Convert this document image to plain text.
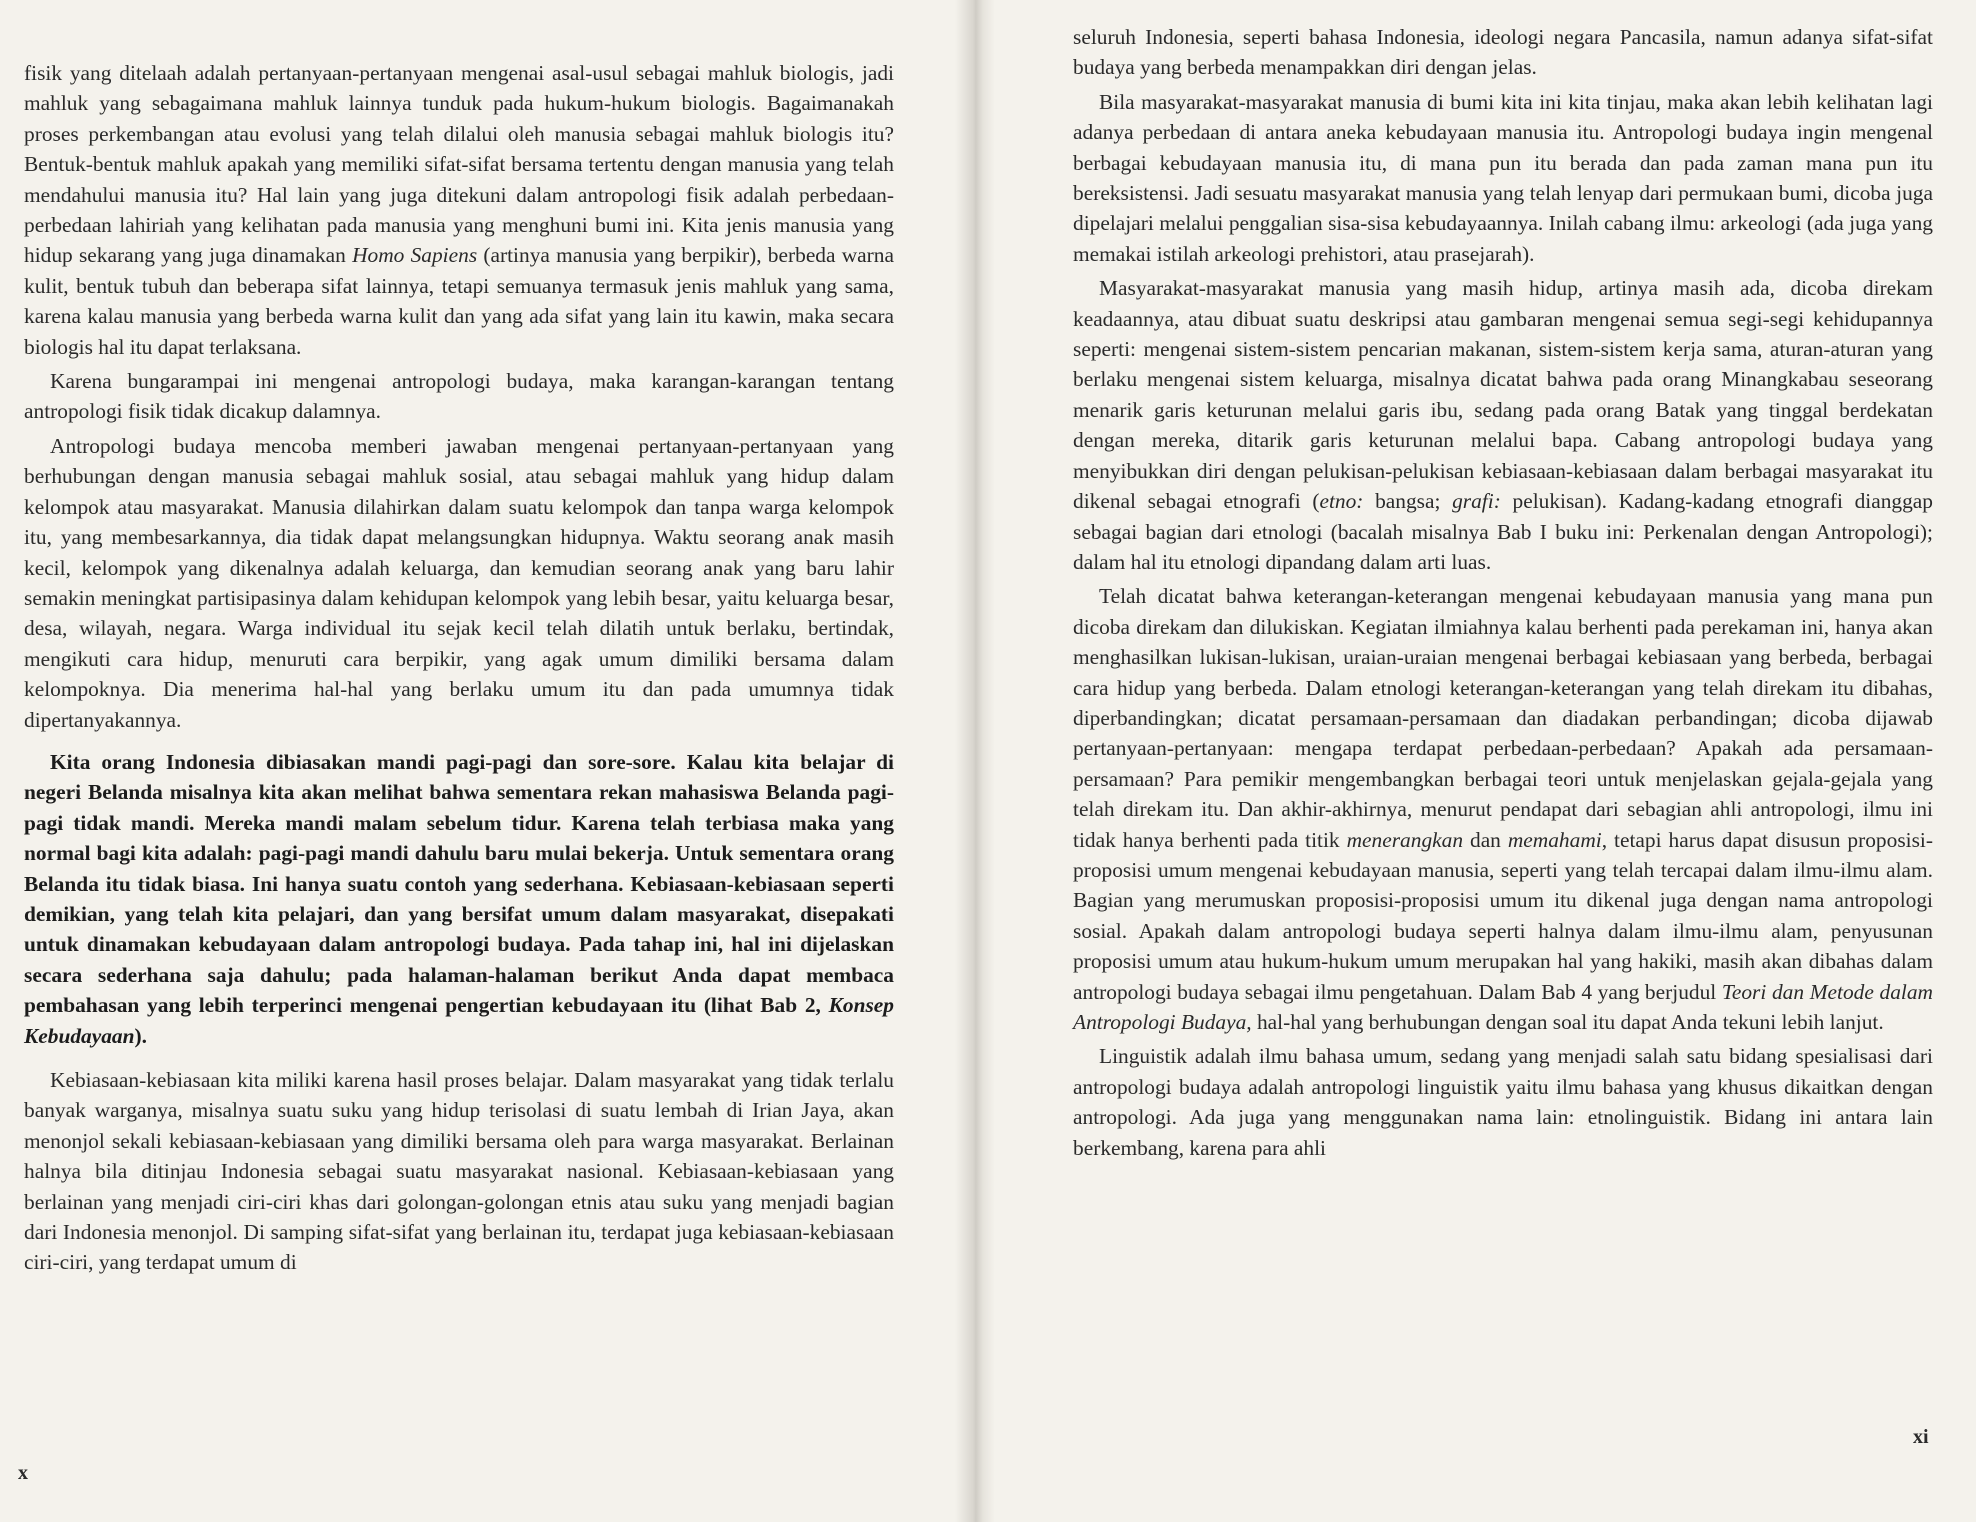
fisik yang ditelaah adalah pertanyaan-pertanyaan mengenai asal-usul sebagai mahluk biologis, jadi mahluk yang sebagaimana mahluk lainnya tunduk pada hukum-hukum biologis. Bagaimanakah proses perkembangan atau evolusi yang telah dilalui oleh manusia sebagai mahluk biologis itu? Bentuk-bentuk mahluk apakah yang memiliki sifat-sifat bersama tertentu dengan manusia yang telah mendahului manusia itu? Hal lain yang juga ditekuni dalam antropologi fisik adalah perbedaan-perbedaan lahiriah yang kelihatan pada manusia yang menghuni bumi ini. Kita jenis manusia yang hidup sekarang yang juga dinamakan Homo Sapiens (artinya manusia yang berpikir), berbeda warna kulit, bentuk tubuh dan beberapa sifat lainnya, tetapi semuanya termasuk jenis mahluk yang sama, karena kalau manusia yang berbeda warna kulit dan yang ada sifat yang lain itu kawin, maka secara biologis hal itu dapat terlaksana.

Karena bungarampai ini mengenai antropologi budaya, maka karangan-karangan tentang antropologi fisik tidak dicakup dalamnya.

Antropologi budaya mencoba memberi jawaban mengenai pertanyaan-pertanyaan yang berhubungan dengan manusia sebagai mahluk sosial, atau sebagai mahluk yang hidup dalam kelompok atau masyarakat. Manusia dilahirkan dalam suatu kelompok dan tanpa warga kelompok itu, yang membesarkannya, dia tidak dapat melangsungkan hidupnya. Waktu seorang anak masih kecil, kelompok yang dikenalnya adalah keluarga, dan kemudian seorang anak yang baru lahir semakin meningkat partisipasinya dalam kehidupan kelompok yang lebih besar, yaitu keluarga besar, desa, wilayah, negara. Warga individual itu sejak kecil telah dilatih untuk berlaku, bertindak, mengikuti cara hidup, menuruti cara berpikir, yang agak umum dimiliki bersama dalam kelompoknya. Dia menerima hal-hal yang berlaku umum itu dan pada umumnya tidak dipertanyakannya.

Kita orang Indonesia dibiasakan mandi pagi-pagi dan sore-sore. Kalau kita belajar di negeri Belanda misalnya kita akan melihat bahwa sementara rekan mahasiswa Belanda pagi-pagi tidak mandi. Mereka mandi malam sebelum tidur. Karena telah terbiasa maka yang normal bagi kita adalah: pagi-pagi mandi dahulu baru mulai bekerja. Untuk sementara orang Belanda itu tidak biasa. Ini hanya suatu contoh yang sederhana. Kebiasaan-kebiasaan seperti demikian, yang telah kita pelajari, dan yang bersifat umum dalam masyarakat, disepakati untuk dinamakan kebudayaan dalam antropologi budaya. Pada tahap ini, hal ini dijelaskan secara sederhana saja dahulu; pada halaman-halaman berikut Anda dapat membaca pembahasan yang lebih terperinci mengenai pengertian kebudayaan itu (lihat Bab 2, Konsep Kebudayaan).

Kebiasaan-kebiasaan kita miliki karena hasil proses belajar. Dalam masyarakat yang tidak terlalu banyak warganya, misalnya suatu suku yang hidup terisolasi di suatu lembah di Irian Jaya, akan menonjol sekali kebiasaan-kebiasaan yang dimiliki bersama oleh para warga masyarakat. Berlainan halnya bila ditinjau Indonesia sebagai suatu masyarakat nasional. Kebiasaan-kebiasaan yang berlainan yang menjadi ciri-ciri khas dari golongan-golongan etnis atau suku yang menjadi bagian dari Indonesia menonjol. Di samping sifat-sifat yang berlainan itu, terdapat juga kebiasaan-kebiasaan ciri-ciri, yang terdapat umum di

x

seluruh Indonesia, seperti bahasa Indonesia, ideologi negara Pancasila, namun adanya sifat-sifat budaya yang berbeda menampakkan diri dengan jelas.

Bila masyarakat-masyarakat manusia di bumi kita ini kita tinjau, maka akan lebih kelihatan lagi adanya perbedaan di antara aneka kebudayaan manusia itu. Antropologi budaya ingin mengenal berbagai kebudayaan manusia itu, di mana pun itu berada dan pada zaman mana pun itu bereksistensi. Jadi sesuatu masyarakat manusia yang telah lenyap dari permukaan bumi, dicoba juga dipelajari melalui penggalian sisa-sisa kebudayaannya. Inilah cabang ilmu: arkeologi (ada juga yang memakai istilah arkeologi prehistori, atau prasejarah).

Masyarakat-masyarakat manusia yang masih hidup, artinya masih ada, dicoba direkam keadaannya, atau dibuat suatu deskripsi atau gambaran mengenai semua segi-segi kehidupannya seperti: mengenai sistem-sistem pencarian makanan, sistem-sistem kerja sama, aturan-aturan yang berlaku mengenai sistem keluarga, misalnya dicatat bahwa pada orang Minangkabau seseorang menarik garis keturunan melalui garis ibu, sedang pada orang Batak yang tinggal berdekatan dengan mereka, ditarik garis keturunan melalui bapa. Cabang antropologi budaya yang menyibukkan diri dengan pelukisan-pelukisan kebiasaan-kebiasaan dalam berbagai masyarakat itu dikenal sebagai etnografi (etno: bangsa; grafi: pelukisan). Kadang-kadang etnografi dianggap sebagai bagian dari etnologi (bacalah misalnya Bab I buku ini: Perkenalan dengan Antropologi); dalam hal itu etnologi dipandang dalam arti luas.

Telah dicatat bahwa keterangan-keterangan mengenai kebudayaan manusia yang mana pun dicoba direkam dan dilukiskan. Kegiatan ilmiahnya kalau berhenti pada perekaman ini, hanya akan menghasilkan lukisan-lukisan, uraian-uraian mengenai berbagai kebiasaan yang berbeda, berbagai cara hidup yang berbeda. Dalam etnologi keterangan-keterangan yang telah direkam itu dibahas, diperbandingkan; dicatat persamaan-persamaan dan diadakan perbandingan; dicoba dijawab pertanyaan-pertanyaan: mengapa terdapat perbedaan-perbedaan? Apakah ada persamaan-persamaan? Para pemikir mengembangkan berbagai teori untuk menjelaskan gejala-gejala yang telah direkam itu. Dan akhir-akhirnya, menurut pendapat dari sebagian ahli antropologi, ilmu ini tidak hanya berhenti pada titik menerangkan dan memahami, tetapi harus dapat disusun proposisi-proposisi umum mengenai kebudayaan manusia, seperti yang telah tercapai dalam ilmu-ilmu alam. Bagian yang merumuskan proposisi-proposisi umum itu dikenal juga dengan nama antropologi sosial. Apakah dalam antropologi budaya seperti halnya dalam ilmu-ilmu alam, penyusunan proposisi umum atau hukum-hukum umum merupakan hal yang hakiki, masih akan dibahas dalam antropologi budaya sebagai ilmu pengetahuan. Dalam Bab 4 yang berjudul Teori dan Metode dalam Antropologi Budaya, hal-hal yang berhubungan dengan soal itu dapat Anda tekuni lebih lanjut.

Linguistik adalah ilmu bahasa umum, sedang yang menjadi salah satu bidang spesialisasi dari antropologi budaya adalah antropologi linguistik yaitu ilmu bahasa yang khusus dikaitkan dengan antropologi. Ada juga yang menggunakan nama lain: etnolinguistik. Bidang ini antara lain berkembang, karena para ahli

xi
